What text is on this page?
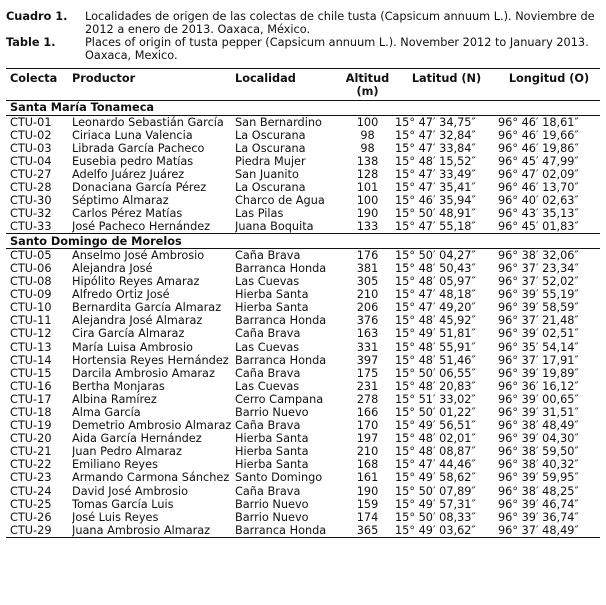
Cuadro 1.	Localidades de origen de las colectas de chile tusta (Capsicum annuum L.). Noviembre de 2012 a enero de 2013. Oaxaca, México.
Table 1.	Places of origin of tusta pepper (Capsicum annuum L.). November 2012 to January 2013. Oaxaca, Mexico.
Colecta	Productor	Localidad	Altitud (m)	Latitud (N)	Longitud (O)
Santa María Tonameca					
CTU-01	Leonardo Sebastián García	San Bernardino	100	15° 47′ 34,75″	96° 46′ 18,61″
CTU-02	Ciriaca Luna Valencia	La Oscurana	98	15° 47′ 32,84″	96° 46′ 19,66″
CTU-03	Librada García Pacheco	La Oscurana	98	15° 47′ 33,84″	96° 46′ 19,86″
CTU-04	Eusebia pedro Matías	Piedra Mujer	138	15° 48′ 15,52″	96° 45′ 47,99″
CTU-27	Adelfo Juárez Juárez	San Juanito	128	15° 47′ 33,49″	96° 47′ 02,09″
CTU-28	Donaciana García Pérez	La Oscurana	101	15° 47′ 35,41″	96° 46′ 13,70″
CTU-30	Séptimo Almaraz	Charco de Agua	100	15° 46′ 35,94″	96° 40′ 02,63″
CTU-32	Carlos Pérez Matías	Las Pilas	190	15° 50′ 48,91″	96° 43′ 35,13″
CTU-33	José Pacheco Hernández	Juana Boquita	133	15° 47′ 55,18″	96° 45′ 01,83″
Santo Domingo de Morelos					
CTU-05	Anselmo José Ambrosio	Caña Brava	176	15° 50′ 04,27″	96° 38′ 32,06″
CTU-06	Alejandra José	Barranca Honda	381	15° 48′ 50,43″	96° 37′ 23,34″
CTU-08	Hipólito Reyes Amaraz	Las Cuevas	305	15° 48′ 05,97″	96° 37′ 52,02″
CTU-09	Alfredo Ortiz José	Hierba Santa	210	15° 47′ 48,18″	96° 39′ 55,19″
CTU-10	Bernardita García Almaraz	Hierba Santa	206	15° 47′ 49,20″	96° 39′ 58,59″
CTU-11	Alejandra José Almaraz	Barranca Honda	376	15° 48′ 45,92″	96° 37′ 21,48″
CTU-12	Cira García Almaraz	Caña Brava	163	15° 49′ 51,81″	96° 39′ 02,51″
CTU-13	María Luisa Ambrosio	Las Cuevas	331	15° 48′ 55,91″	96° 35′ 54,14″
CTU-14	Hortensia Reyes Hernández	Barranca Honda	397	15° 48′ 51,46″	96° 37′ 17,91″
CTU-15	Darcila Ambrosio Amaraz	Caña Brava	175	15° 50′ 06,55″	96° 39′ 19,89″
CTU-16	Bertha Monjaras	Las Cuevas	231	15° 48′ 20,83″	96° 36′ 16,12″
CTU-17	Albina Ramírez	Cerro Campana	278	15° 51′ 33,02″	96° 39′ 00,65″
CTU-18	Alma García	Barrio Nuevo	166	15° 50′ 01,22″	96° 39′ 31,51″
CTU-19	Demetrio Ambrosio Almaraz	Caña Brava	170	15° 49′ 56,51″	96° 38′ 48,49″
CTU-20	Aida García Hernández	Hierba Santa	197	15° 48′ 02,01″	96° 39′ 04,30″
CTU-21	Juan Pedro Almaraz	Hierba Santa	210	15° 48′ 08,87″	96° 38′ 59,50″
CTU-22	Emiliano Reyes	Hierba Santa	168	15° 47′ 44,46″	96° 38′ 40,32″
CTU-23	Armando Carmona Sánchez	Santo Domingo	161	15° 49′ 58,62″	96° 39′ 59,95″
CTU-24	David José Ambrosio	Caña Brava	190	15° 50′ 07,89″	96° 38′ 48,25″
CTU-25	Tomas García Luis	Barrio Nuevo	159	15° 49′ 57,31″	96° 39′ 46,74″
CTU-26	José Luis Reyes	Barrio Nuevo	174	15° 50′ 08,33″	96° 39′ 36,74″
CTU-29	Juana Ambrosio Almaraz	Barranca Honda	365	15° 49′ 03,62″	96° 37′ 48,49″
